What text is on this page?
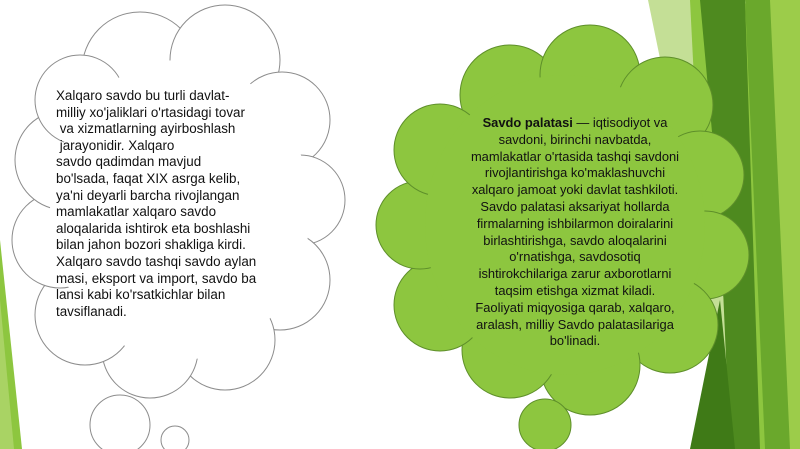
Xalqaro savdo bu turli davlat-
milliy xo'jaliklari o'rtasidagi tovar
va xizmatlarning ayirboshlash
jarayonidir. Xalqaro
savdo qadimdan mavjud
bo'lsada, faqat XIX asrga kelib,
ya'ni deyarli barcha rivojlangan
mamlakatlar xalqaro savdo
aloqalarida ishtirok eta boshlashi
bilan jahon bozori shakliga kirdi.
Xalqaro savdo tashqi savdo aylan
masi, eksport va import, savdo ba
lansi kabi ko'rsatkichlar bilan
tavsiflanadi.
Savdo palatasi — iqtisodiyot va
savdoni, birinchi navbatda,
mamlakatlar o'rtasida tashqi savdoni
rivojlantirishga ko'maklashuvchi
xalqaro jamoat yoki davlat tashkiloti.
Savdo palatasi aksariyat hollarda
firmalarning ishbilarmon doiralarini
birlashtirishga, savdo aloqalarini
o'rnatishga, savdosotiq
ishtirokchilariga zarur axborotlarni
taqsim etishga xizmat kiladi.
Faoliyati miqyosiga qarab, xalqaro,
aralash, milliy Savdo palatasilariga
bo'linadi.
